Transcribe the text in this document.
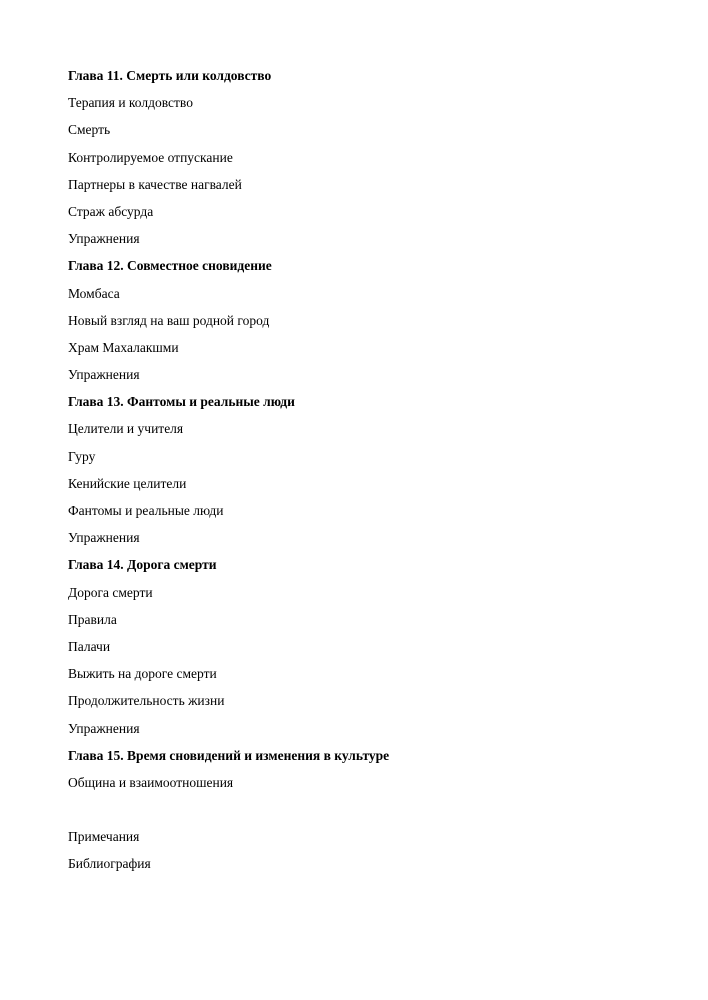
Глава 11. Смерть или колдовство
Терапия и колдовство
Смерть
Контролируемое отпускание
Партнеры в качестве нагвалей
Страж абсурда
Упражнения
Глава 12. Совместное сновидение
Момбаса
Новый взгляд на ваш родной город
Храм Махалакшми
Упражнения
Глава 13. Фантомы и реальные люди
Целители и учителя
Гуру
Кенийские целители
Фантомы и реальные люди
Упражнения
Глава 14. Дорога смерти
Дорога смерти
Правила
Палачи
Выжить на дороге смерти
Продолжительность жизни
Упражнения
Глава 15. Время сновидений и изменения в культуре
Община и взаимоотношения
Примечания
Библиография
